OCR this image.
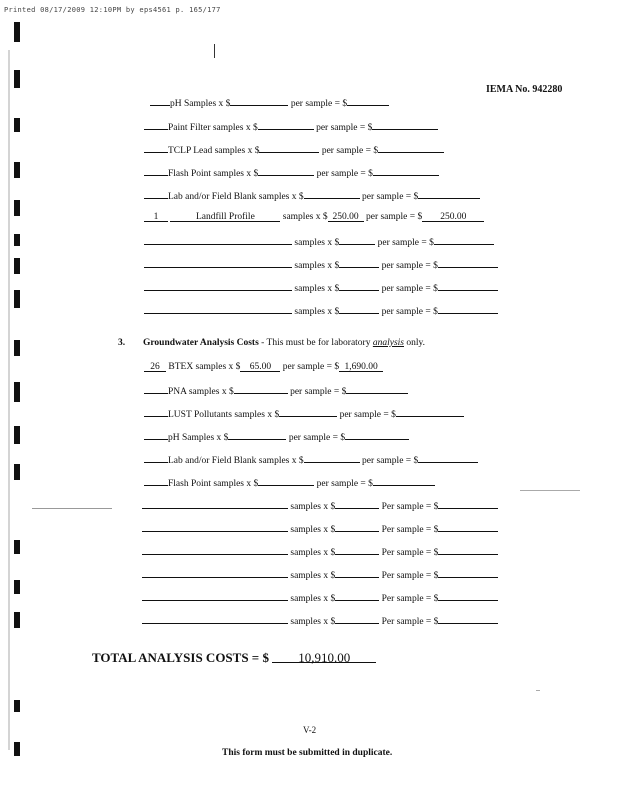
Printed 08/17/2009 12:10PM by eps4561 p. 165/177
IEMA No. 942280
pH Samples x $	per sample = $
Paint Filter samples x $	per sample = $
TCLP Lead samples x $	per sample = $
Flash Point samples x $	per sample = $
Lab and/or Field Blank samples x $	per sample = $
1	Landfill Profile	samples x $ 250.00 per sample = $ 250.00
samples x $	per sample = $
samples x $	per sample = $
samples x $	per sample = $
samples x $	per sample = $
3. Groundwater Analysis Costs - This must be for laboratory analysis only.
26 BTEX samples x $ 65.00 per sample = $ 1,690.00
PNA samples x $	per sample = $
LUST Pollutants samples x $	per sample = $
pH Samples x $	per sample = $
Lab and/or Field Blank samples x $	per sample = $
Flash Point samples x $	per sample = $
samples x $	Per sample = $
samples x $	Per sample = $
samples x $	Per sample = $
samples x $	Per sample = $
samples x $	Per sample = $
samples x $	Per sample = $
TOTAL ANALYSIS COSTS = $ 10,910.00
V-2
This form must be submitted in duplicate.
